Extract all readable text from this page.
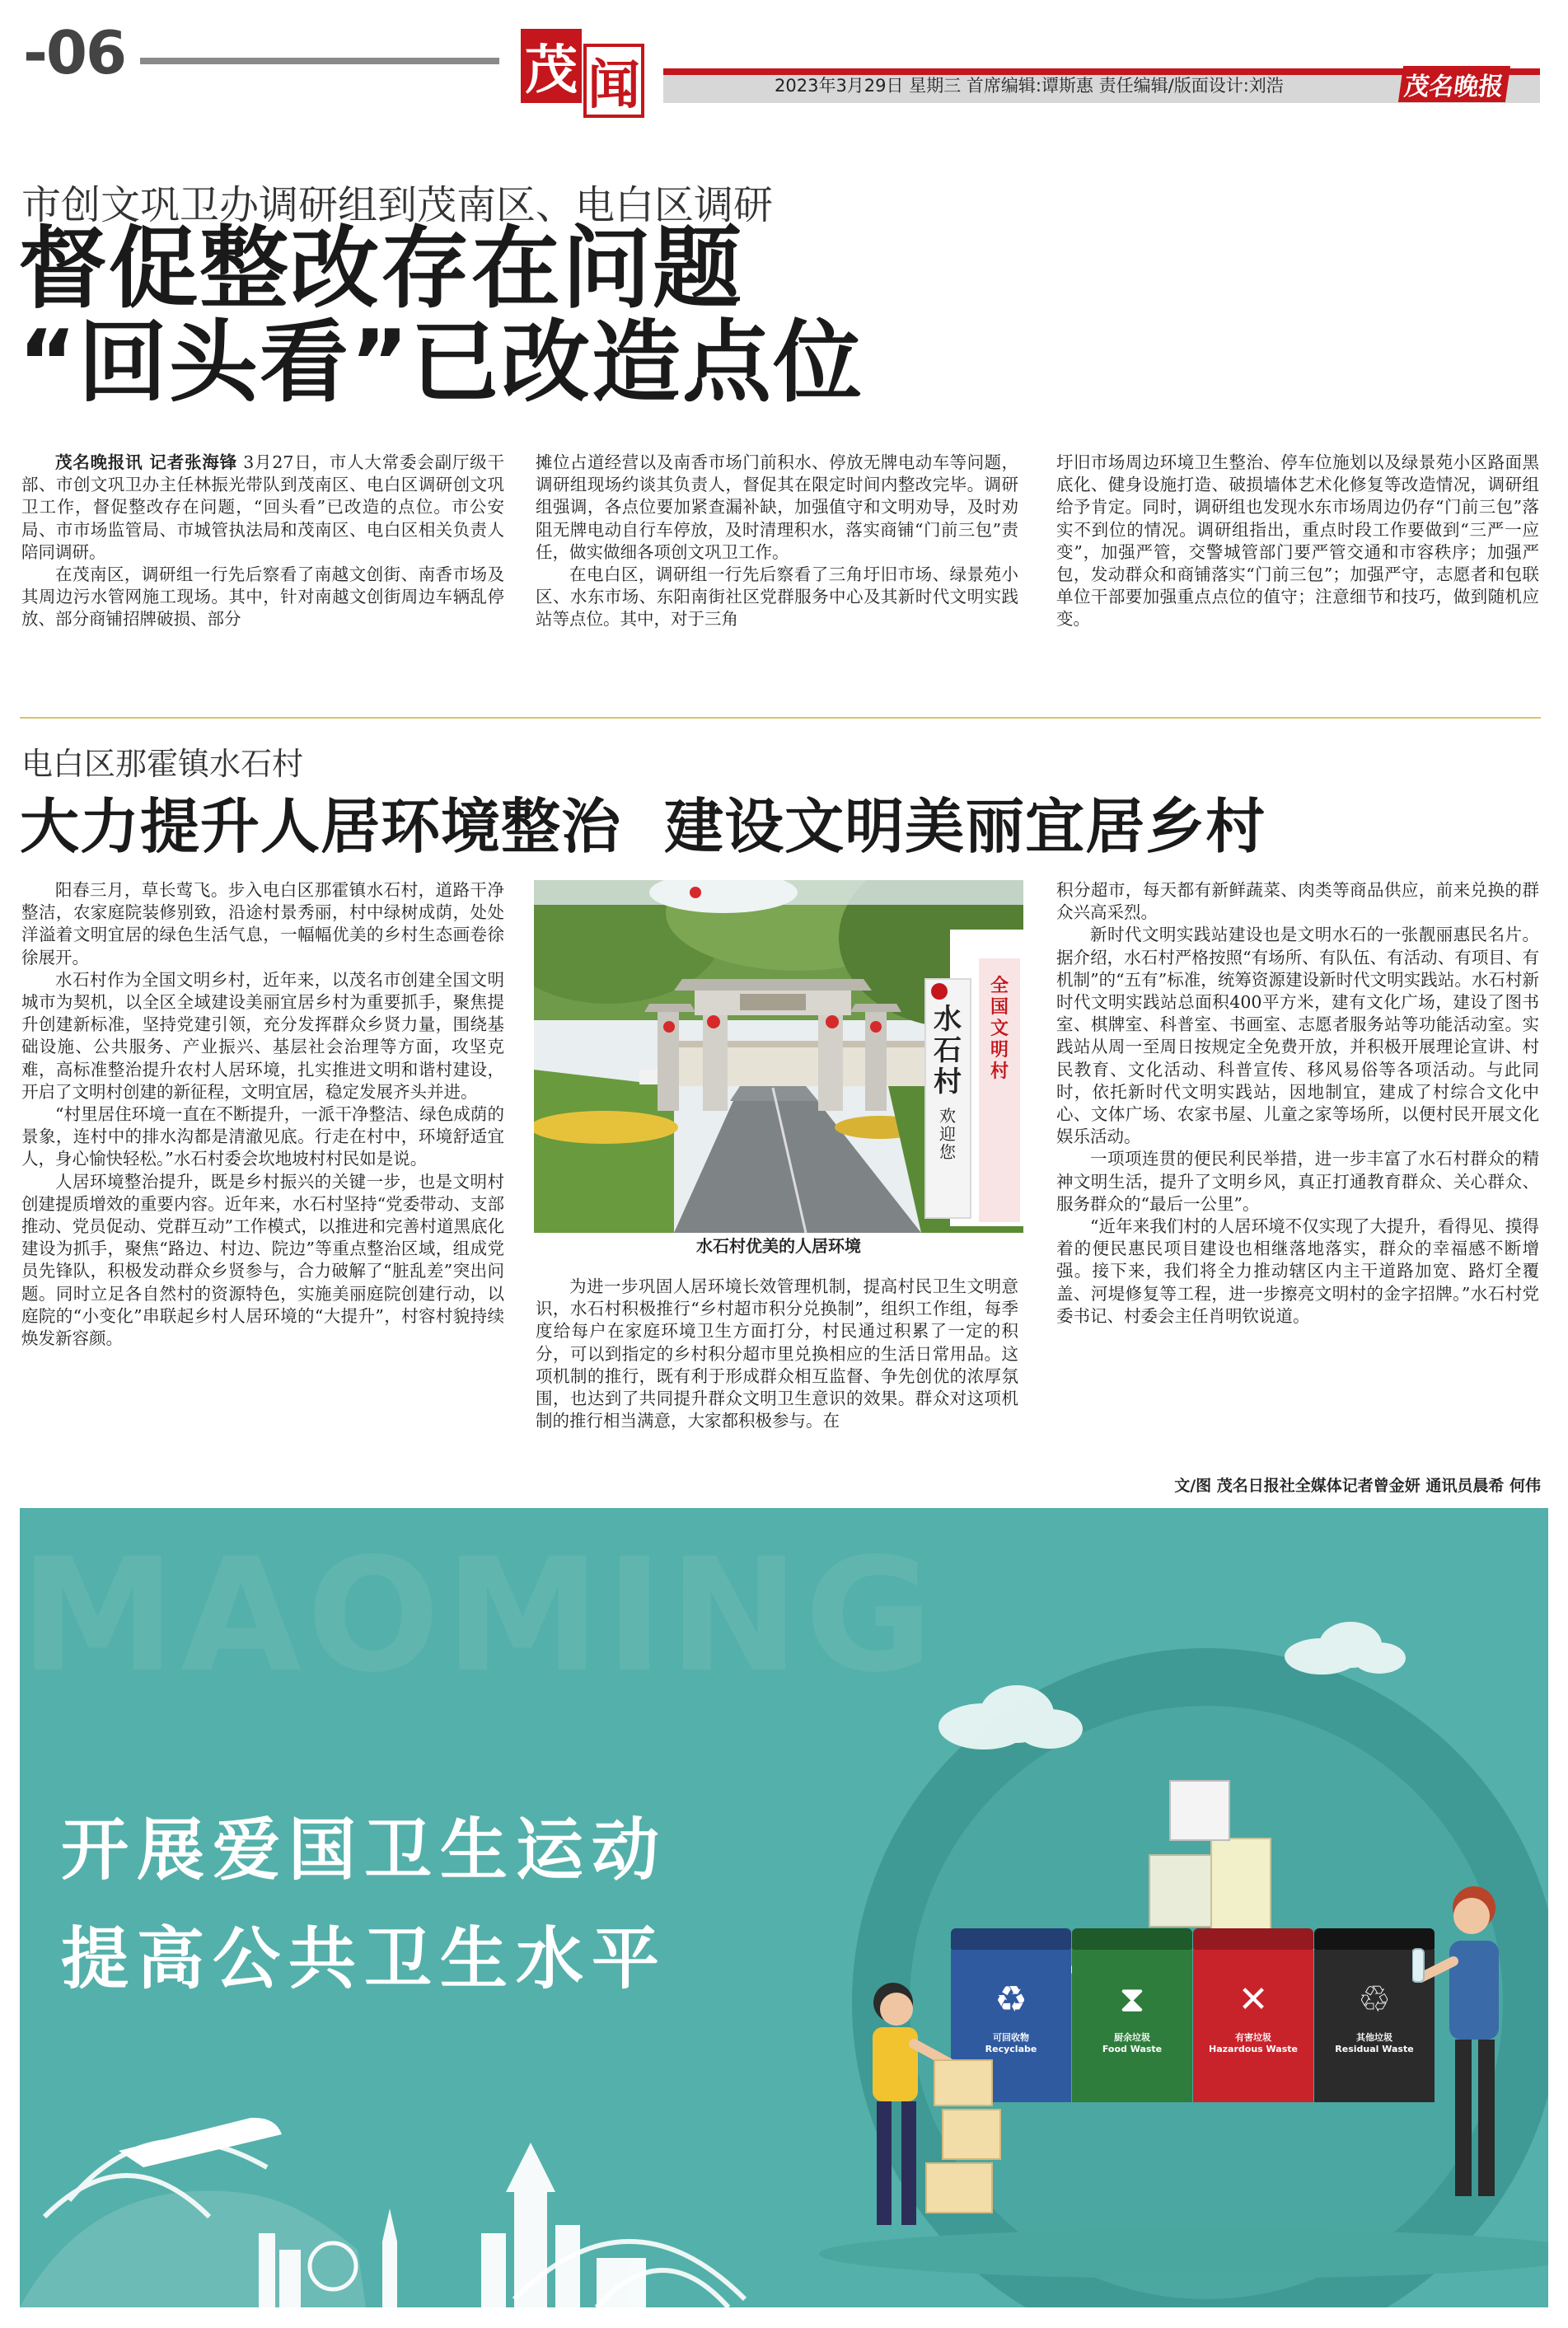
-06	茂 闻	2023年3月29日 星期三 首席编辑:谭斯惠 责任编辑/版面设计:刘浩	茂名晚报
市创文巩卫办调研组到茂南区、电白区调研
督促整改存在问题
“回头看”已改造点位

茂名晚报讯 记者张海锋 3月27日，市人大常委会副厅级干部、市创文巩卫办主任林振光带队到茂南区、电白区调研创文巩卫工作，督促整改存在问题，“回头看”已改造的点位。市公安局、市市场监管局、市城管执法局和茂南区、电白区相关负责人陪同调研。

在茂南区，调研组一行先后察看了南越文创街、南香市场及其周边污水管网施工现场。其中，针对南越文创街周边车辆乱停放、部分商铺招牌破损、部分

摊位占道经营以及南香市场门前积水、停放无牌电动车等问题，调研组现场约谈其负责人，督促其在限定时间内整改完毕。调研组强调，各点位要加紧查漏补缺，加强值守和文明劝导，及时劝阻无牌电动自行车停放，及时清理积水，落实商铺“门前三包”责任，做实做细各项创文巩卫工作。

在电白区，调研组一行先后察看了三角圩旧市场、绿景苑小区、水东市场、东阳南街社区党群服务中心及其新时代文明实践站等点位。其中，对于三角

圩旧市场周边环境卫生整治、停车位施划以及绿景苑小区路面黑底化、健身设施打造、破损墙体艺术化修复等改造情况，调研组给予肯定。同时，调研组也发现水东市场周边仍存“门前三包”落实不到位的情况。调研组指出，重点时段工作要做到“三严一应变”，加强严管，交警城管部门要严管交通和市容秩序；加强严包，发动群众和商铺落实“门前三包”；加强严守，志愿者和包联单位干部要加强重点点位的值守；注意细节和技巧，做到随机应变。

电白区那霍镇水石村
大力提升人居环境整治  建设文明美丽宜居乡村

阳春三月，草长莺飞。步入电白区那霍镇水石村，道路干净整洁，农家庭院装修别致，沿途村景秀丽，村中绿树成荫，处处洋溢着文明宜居的绿色生活气息，一幅幅优美的乡村生态画卷徐徐展开。

水石村作为全国文明乡村，近年来，以茂名市创建全国文明城市为契机，以全区全域建设美丽宜居乡村为重要抓手，聚焦提升创建新标准，坚持党建引领，充分发挥群众乡贤力量，围绕基础设施、公共服务、产业振兴、基层社会治理等方面，攻坚克难，高标准整治提升农村人居环境，扎实推进文明和谐村建设，开启了文明村创建的新征程，文明宜居，稳定发展齐头并进。

“村里居住环境一直在不断提升，一派干净整洁、绿色成荫的景象，连村中的排水沟都是清澈见底。行走在村中，环境舒适宜人，身心愉快轻松。”水石村委会坎地坡村村民如是说。

人居环境整治提升，既是乡村振兴的关键一步，也是文明村创建提质增效的重要内容。近年来，水石村坚持“党委带动、支部推动、党员促动、党群互动”工作模式，以推进和完善村道黑底化建设为抓手，聚焦“路边、村边、院边”等重点整治区域，组成党员先锋队，积极发动群众乡贤参与，合力破解了“脏乱差”突出问题。同时立足各自然村的资源特色，实施美丽庭院创建行动，以庭院的“小变化”串联起乡村人居环境的“大提升”，村容村貌持续焕发新容颜。

水石村
欢迎您
全国文明村
水石村优美的人居环境

为进一步巩固人居环境长效管理机制，提高村民卫生文明意识，水石村积极推行“乡村超市积分兑换制”，组织工作组，每季度给每户在家庭环境卫生方面打分，村民通过积累了一定的积分，可以到指定的乡村积分超市里兑换相应的生活日常用品。这项机制的推行，既有利于形成群众相互监督、争先创优的浓厚氛围，也达到了共同提升群众文明卫生意识的效果。群众对这项机制的推行相当满意，大家都积极参与。在

积分超市，每天都有新鲜蔬菜、肉类等商品供应，前来兑换的群众兴高采烈。

新时代文明实践站建设也是文明水石的一张靓丽惠民名片。据介绍，水石村严格按照“有场所、有队伍、有活动、有项目、有机制”的“五有”标准，统筹资源建设新时代文明实践站。水石村新时代文明实践站总面积400平方米，建有文化广场，建设了图书室、棋牌室、科普室、书画室、志愿者服务站等功能活动室。实践站从周一至周日按规定全免费开放，并积极开展理论宣讲、村民教育、文化活动、科普宣传、移风易俗等各项活动。与此同时，依托新时代文明实践站，因地制宜，建成了村综合文化中心、文体广场、农家书屋、儿童之家等场所，以便村民开展文化娱乐活动。

一项项连贯的便民利民举措，进一步丰富了水石村群众的精神文明生活，提升了文明乡风，真正打通教育群众、关心群众、服务群众的“最后一公里”。

“近年来我们村的人居环境不仅实现了大提升，看得见、摸得着的便民惠民项目建设也相继落地落实，群众的幸福感不断增强。接下来，我们将全力推动辖区内主干道路加宽、路灯全覆盖、河堤修复等工程，进一步擦亮文明村的金字招牌。”水石村党委书记、村委会主任肖明钦说道。

文/图 茂名日报社全媒体记者曾金妍 通讯员晨希 何伟
MAOMING
开展爱国卫生运动
提高公共卫生水平
♻
可回收物
Recyclabe
⧗
厨余垃圾
Food Waste
✕
有害垃圾
Hazardous Waste
♲
其他垃圾
Residual Waste
